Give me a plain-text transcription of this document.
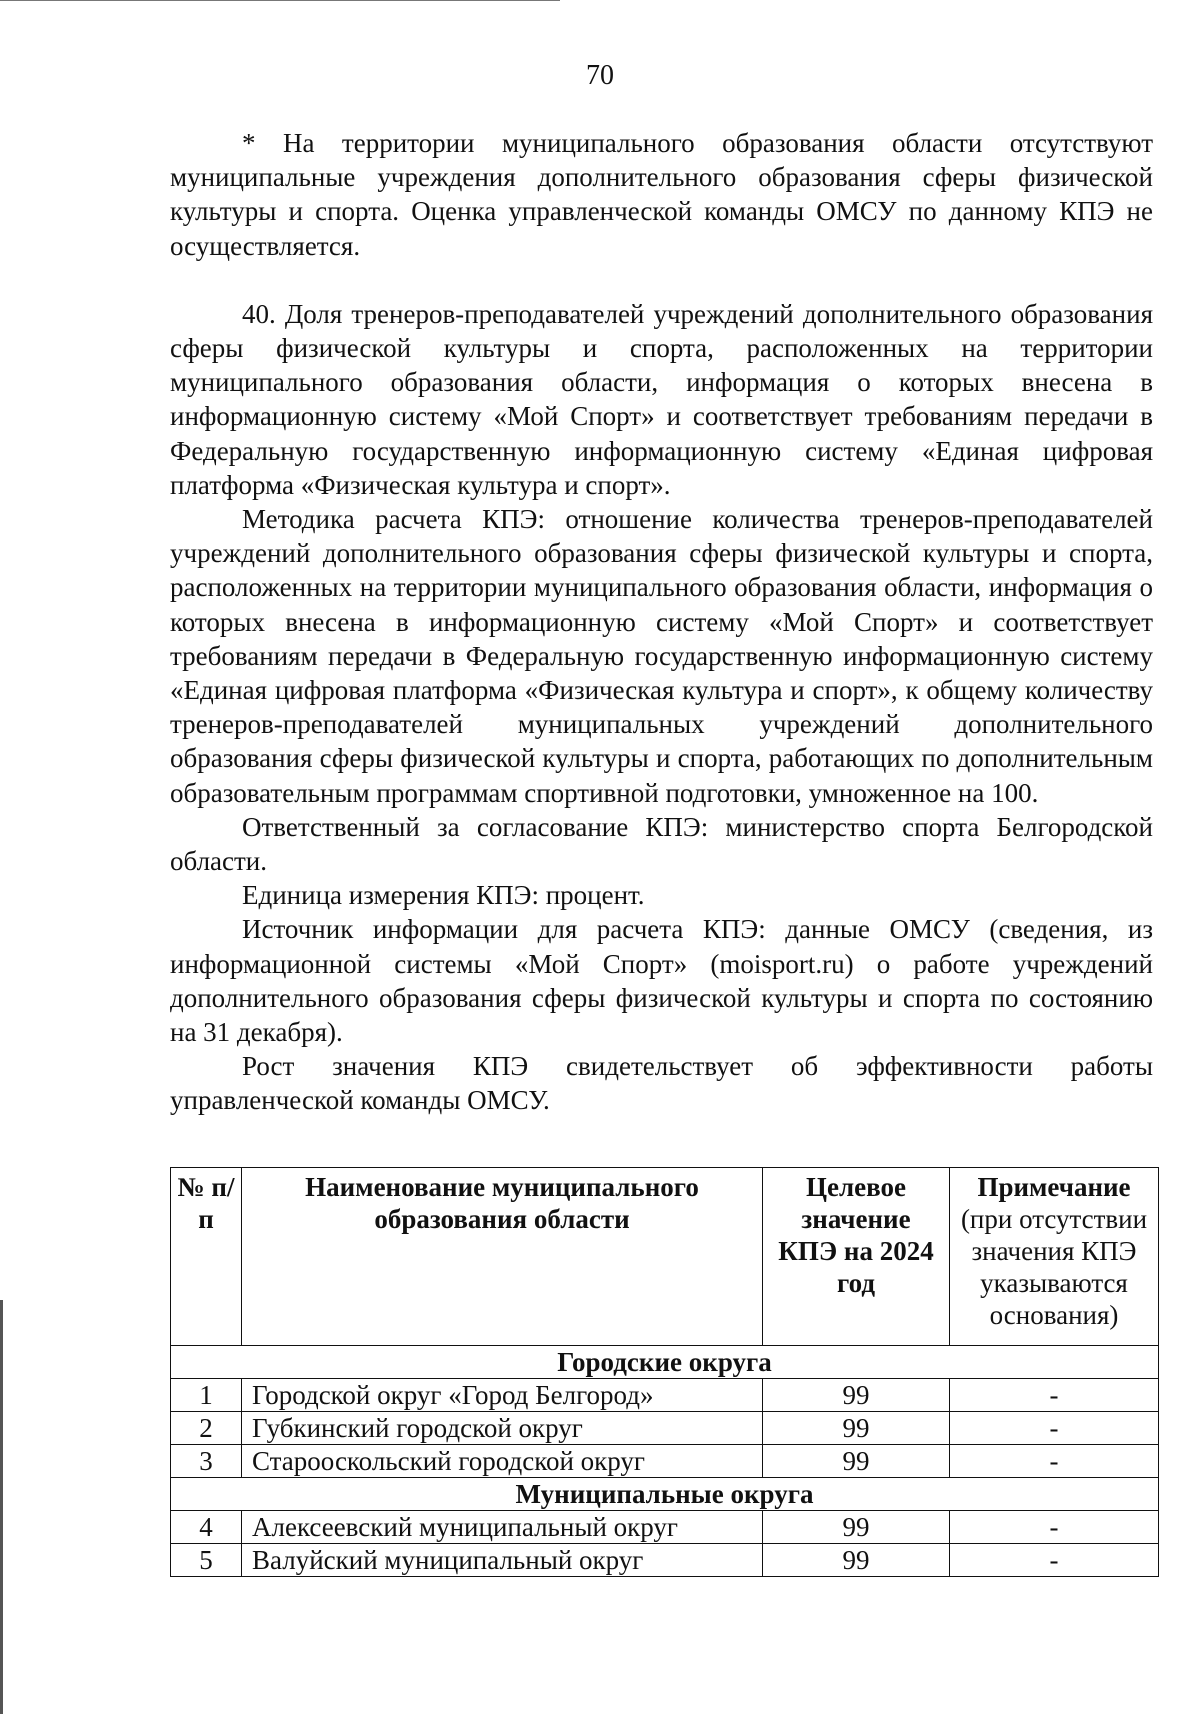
70

* На территории муниципального образования области отсутствуют муниципальные учреждения дополнительного образования сферы физической культуры и спорта. Оценка управленческой команды ОМСУ по данному КПЭ не осуществляется.

40. Доля тренеров-преподавателей учреждений дополнительного образования сферы физической культуры и спорта, расположенных на территории муниципального образования области, информация о которых внесена в информационную систему «Мой Спорт» и соответствует требованиям передачи в Федеральную государственную информационную систему «Единая цифровая платформа «Физическая культура и спорт».

Методика расчета КПЭ: отношение количества тренеров-преподавателей учреждений дополнительного образования сферы физической культуры и спорта, расположенных на территории муниципального образования области, информация о которых внесена в информационную систему «Мой Спорт» и соответствует требованиям передачи в Федеральную государственную информационную систему «Единая цифровая платформа «Физическая культура и спорт», к общему количеству тренеров-преподавателей муниципальных учреждений дополнительного образования сферы физической культуры и спорта, работающих по дополнительным образовательным программам спортивной подготовки, умноженное на 100.

Ответственный за согласование КПЭ: министерство спорта Белгородской области.

Единица измерения КПЭ: процент.

Источник информации для расчета КПЭ: данные ОМСУ (сведения, из информационной системы «Мой Спорт» (moisport.ru) о работе учреждений дополнительного образования сферы физической культуры и спорта по состоянию на 31 декабря).

Рост значения КПЭ свидетельствует об эффективности работы управленческой команды ОМСУ.

№ п/п	Наименование муниципального образования области	Целевое значение КПЭ на 2024 год	Примечание
(при отсутствии значения КПЭ указываются основания)
Городские округа			
1	Городской округ «Город Белгород»	99	-
2	Губкинский городской округ	99	-
3	Старооскольский городской округ	99	-
Муниципальные округа			
4	Алексеевский муниципальный округ	99	-
5	Валуйский муниципальный округ	99	-
